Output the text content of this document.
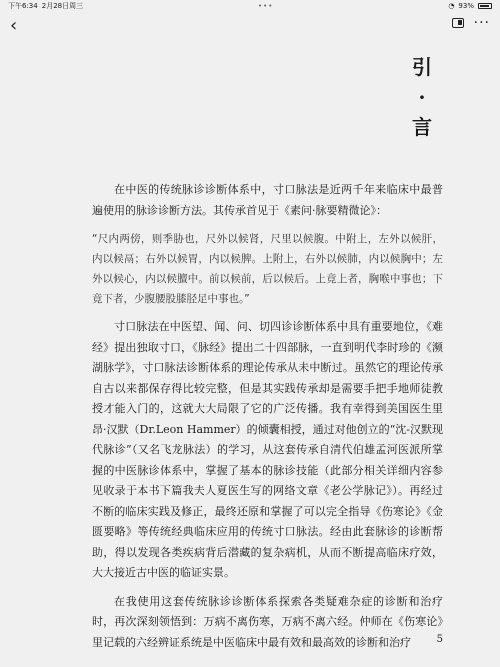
下午6:34 2月28日周三	•••	◔ 93%
‹	···
引
·
言

在中医的传统脉诊诊断体系中，寸口脉法是近两千年来临床中最普遍使用的脉诊诊断方法。其传承首见于《素问·脉要精微论》：

“尺内两傍，则季胁也，尺外以候肾，尺里以候腹。中附上，左外以候肝，内以候鬲；右外以候胃，内以候脾。上附上，右外以候肺，内以候胸中；左外以候心，内以候膻中。前以候前，后以候后。上竟上者，胸喉中事也；下竟下者，少腹腰股膝胫足中事也。”

寸口脉法在中医望、闻、问、切四诊诊断体系中具有重要地位，《难经》提出独取寸口，《脉经》提出二十四部脉，一直到明代李时珍的《濒湖脉学》，寸口脉法诊断体系的理论传承从未中断过。虽然它的理论传承自古以来都保存得比较完整，但是其实践传承却是需要手把手地师徒教授才能入门的，这就大大局限了它的广泛传播。我有幸得到美国医生里昂·汉默（Dr.Leon Hammer）的倾囊相授，通过对他创立的“沈-汉默现代脉诊”（又名飞龙脉法）的学习，从这套传承自清代伯雄孟河医派所掌握的中医脉诊体系中，掌握了基本的脉诊技能（此部分相关详细内容参见收录于本书下篇我夫人夏医生写的网络文章《老公学脉记》）。再经过不断的临床实践及修正，最终还原和掌握了可以完全指导《伤寒论》《金匮要略》等传统经典临床应用的传统寸口脉法。经由此套脉诊的诊断帮助，得以发现各类疾病背后潜藏的复杂病机，从而不断提高临床疗效，大大接近古中医的临证实景。

在我使用这套传统脉诊诊断体系探索各类疑难杂症的诊断和治疗时，再次深刻领悟到：万病不离伤寒，万病不离六经。仲师在《伤寒论》里记载的六经辨证系统是中医临床中最有效和最高效的诊断和治疗	5
